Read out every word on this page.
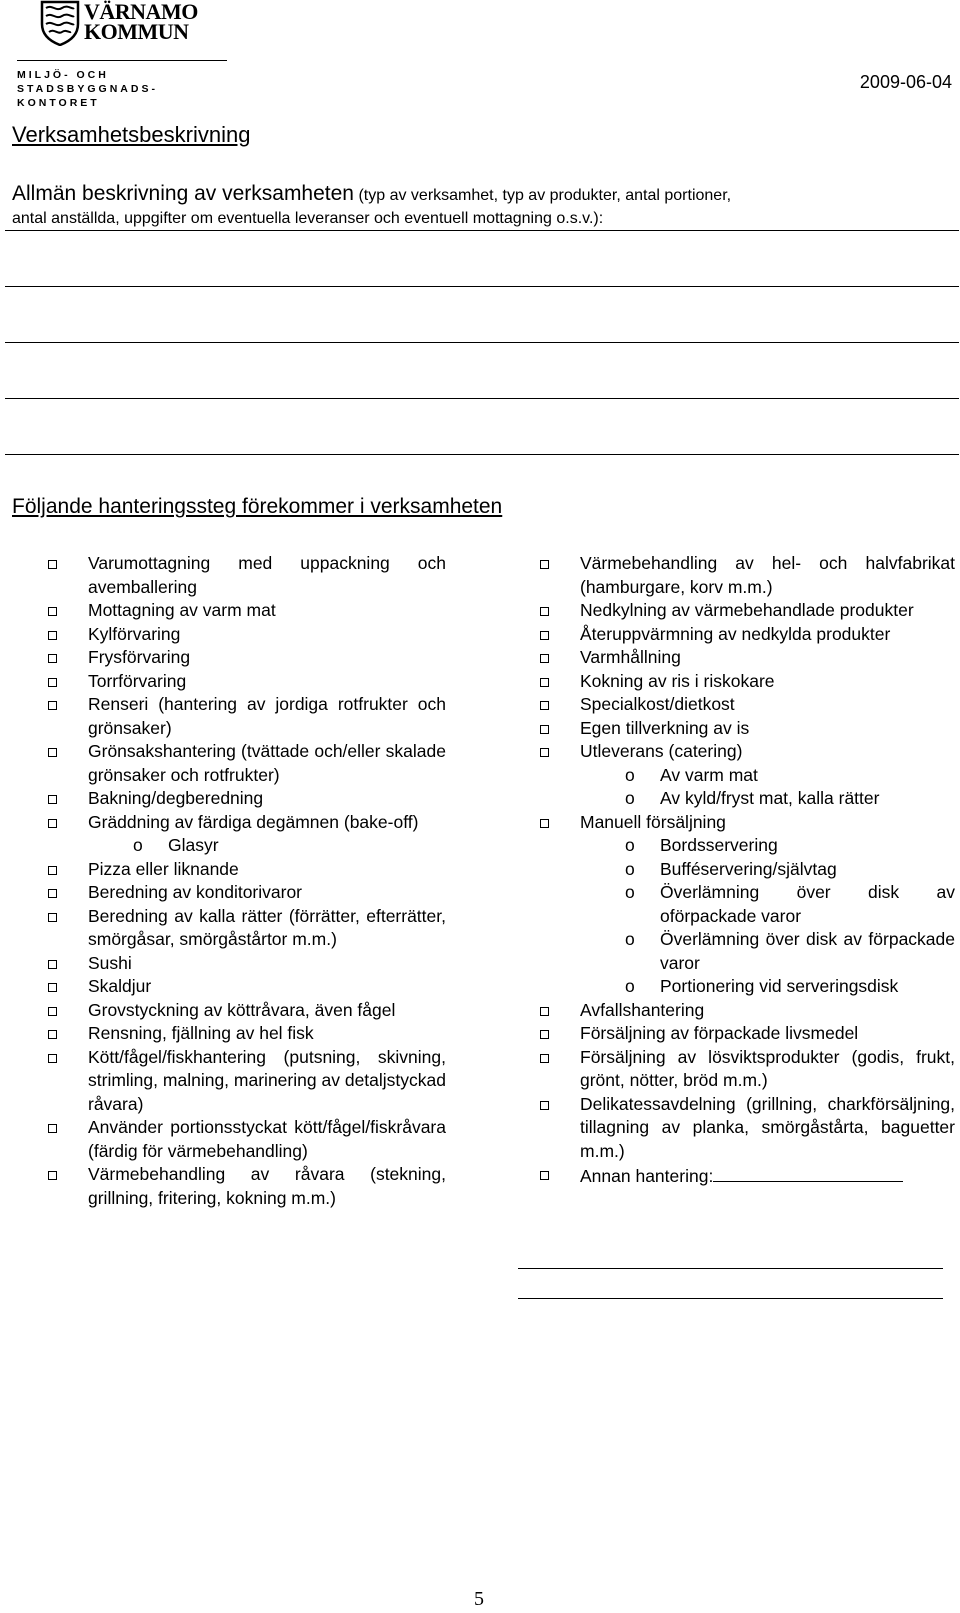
VÄRNAMO
KOMMUN
MILJÖ- OCH STADSBYGGNADS-KONTORET
2009-06-04
Verksamhetsbeskrivning
Allmän beskrivning av verksamheten (typ av verksamhet, typ av produkter, antal portioner,
antal anställda, uppgifter om eventuella leveranser och eventuell mottagning o.s.v.):
Följande hanteringssteg förekommer i verksamheten
Varumottagning med uppackning och avemballering
Mottagning av varm mat
Kylförvaring
Frysförvaring
Torrförvaring
Renseri (hantering av jordiga rotfrukter och grönsaker)
Grönsakshantering (tvättade och/eller skalade grönsaker och rotfrukter)
Bakning/degberedning
Gräddning av färdiga degämnen (bake-off)
o Glasyr
Pizza eller liknande
Beredning av konditorivaror
Beredning av kalla rätter (förrätter, efterrätter, smörgåsar, smörgåstårtor m.m.)
Sushi
Skaldjur
Grovstyckning av köttråvara, även fågel
Rensning, fjällning av hel fisk
Kött/fågel/fiskhantering (putsning, skivning, strimling, malning, marinering av detaljstyckad råvara)
Använder portionsstyckat kött/fågel/fiskråvara (färdig för värmebehandling)
Värmebehandling av råvara (stekning, grillning, fritering, kokning m.m.)
Värmebehandling av hel- och halvfabrikat (hamburgare, korv m.m.)
Nedkylning av värmebehandlade produkter
Återuppvärmning av nedkylda produkter
Varmhållning
Kokning av ris i riskokare
Specialkost/dietkost
Egen tillverkning av is
Utleverans (catering)
o Av varm mat
o Av kyld/fryst mat, kalla rätter
Manuell försäljning
o Bordsservering
o Bufféservering/självtag
o Överlämning över disk av oförpackade varor
o Överlämning över disk av förpackade varor
o Portionering vid serveringsdisk
Avfallshantering
Försäljning av förpackade livsmedel
Försäljning av lösviktsprodukter (godis, frukt, grönt, nötter, bröd m.m.)
Delikatessavdelning (grillning, charkförsäljning, tillagning av planka, smörgåstårta, baguetter m.m.)
Annan hantering:
5
